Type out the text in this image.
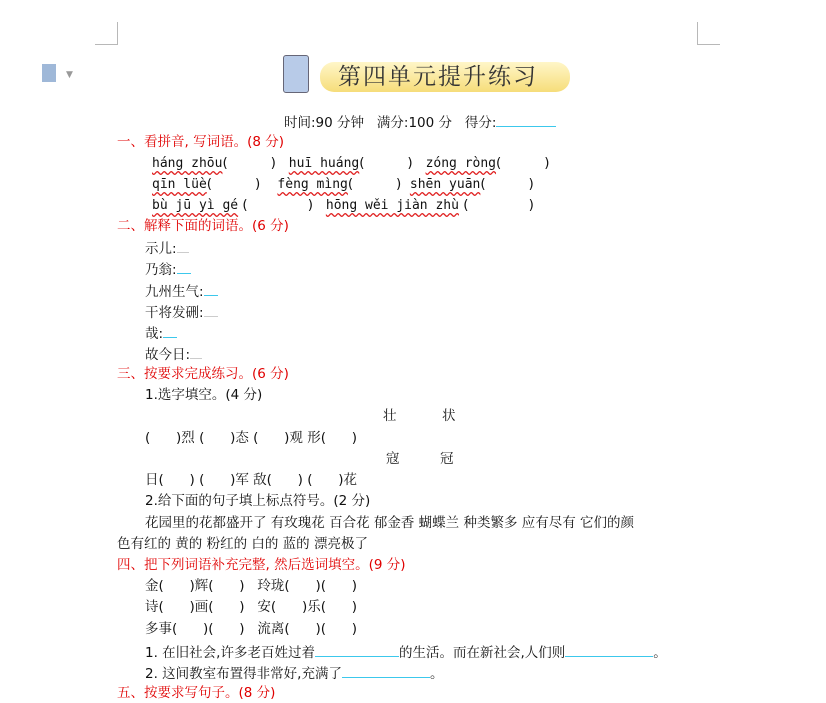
▼	第四单元提升练习
时间:90 分钟 满分:100 分 得分:
一、看拼音, 写词语。(8 分)
háng zhōu(          )   huī huáng(          )   zóng ròng(          )
qīn lüè(          )    fèng mìng(          )  shēn yuān(          )
bù jū yì gé (              )   hōng wěi jiàn zhù (              )
二、解释下面的词语。(6 分)
示儿:
乃翁:
九州生气:
干将发硎:
哉:
故今日:
三、按要求完成练习。(6 分)
1.选字填空。(4 分)
壮	状
(      )烈 (      )态 (      )观 形(      )
寇	冠
日(      ) (      )军 敌(      ) (      )花
2.给下面的句子填上标点符号。(2 分)
花园里的花都盛开了 有玫瑰花 百合花 郁金香 蝴蝶兰 种类繁多 应有尽有 它们的颜
色有红的 黄的 粉红的 白的 蓝的 漂亮极了
四、把下列词语补充完整, 然后选词填空。(9 分)
金(      )辉(      )   玲珑(      )(      )
诗(      )画(      )   安(      )乐(      )
多事(      )(      )   流离(      )(      )
1. 在旧社会,许多老百姓过着	的生活。而在新社会,人们则	。
2. 这间教室布置得非常好,充满了	。
五、按要求写句子。(8 分)
